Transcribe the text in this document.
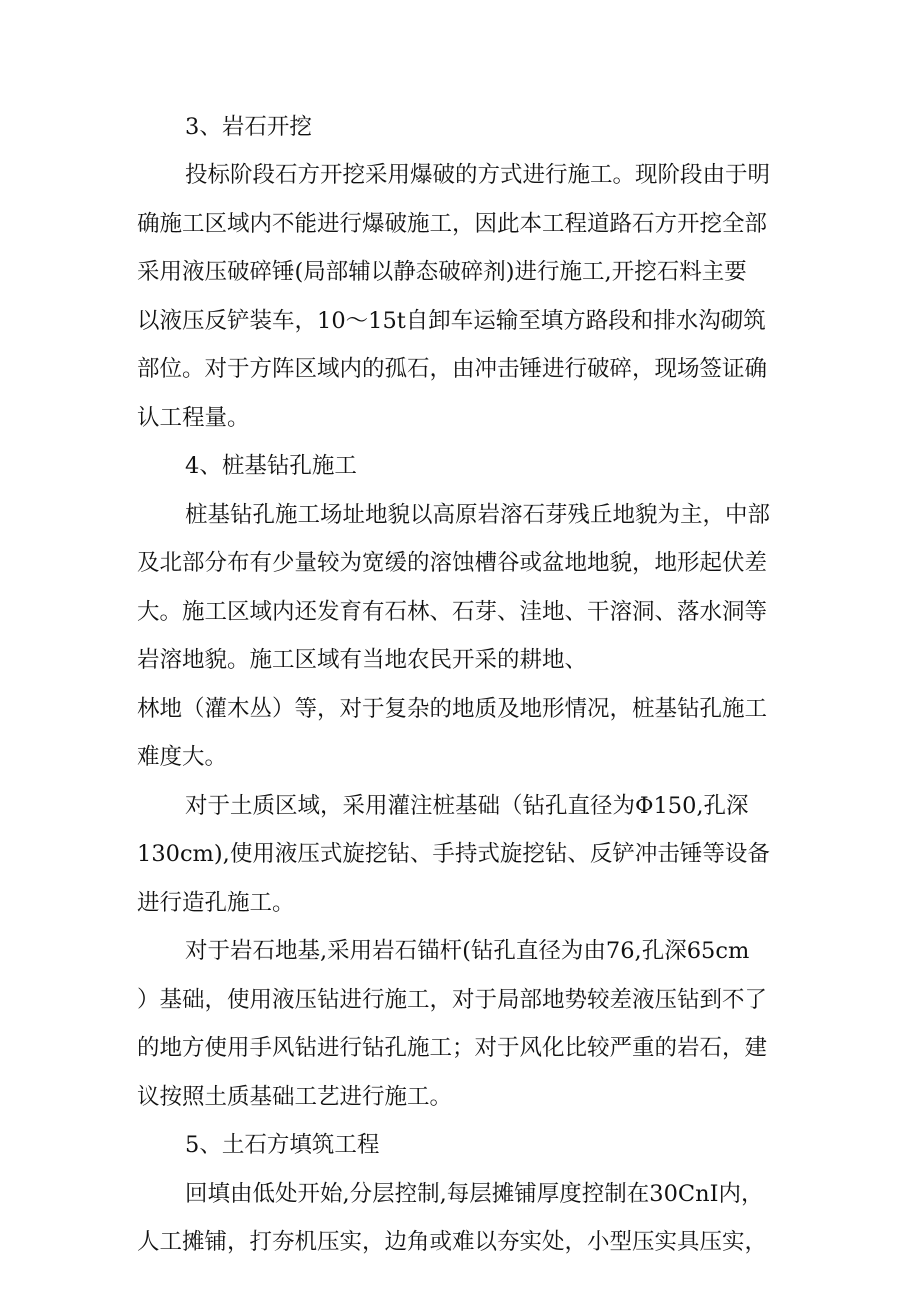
3、岩石开挖

投标阶段石方开挖采用爆破的方式进行施工。现阶段由于明

确施工区域内不能进行爆破施工，因此本工程道路石方开挖全部

采用液压破碎锤(局部辅以静态破碎剂)进行施工,开挖石料主要

以液压反铲装车，10～15t自卸车运输至填方路段和排水沟砌筑

部位。对于方阵区域内的孤石，由冲击锤进行破碎，现场签证确

认工程量。

4、桩基钻孔施工

桩基钻孔施工场址地貌以高原岩溶石芽残丘地貌为主，中部

及北部分布有少量较为宽缓的溶蚀槽谷或盆地地貌，地形起伏差

大。施工区域内还发育有石林、石芽、洼地、干溶洞、落水洞等

岩溶地貌。施工区域有当地农民开采的耕地、

林地（灌木丛）等，对于复杂的地质及地形情况，桩基钻孔施工

难度大。

对于土质区域，采用灌注桩基础（钻孔直径为Φ150,孔深

130cm),使用液压式旋挖钻、手持式旋挖钻、反铲冲击锤等设备

进行造孔施工。

对于岩石地基,采用岩石锚杆(钻孔直径为由76,孔深65cm

）基础，使用液压钻进行施工，对于局部地势较差液压钻到不了

的地方使用手风钻进行钻孔施工；对于风化比较严重的岩石，建

议按照土质基础工艺进行施工。

5、土石方填筑工程

回填由低处开始,分层控制,每层摊铺厚度控制在30CnI内，

人工摊铺，打夯机压实，边角或难以夯实处，小型压实具压实，
